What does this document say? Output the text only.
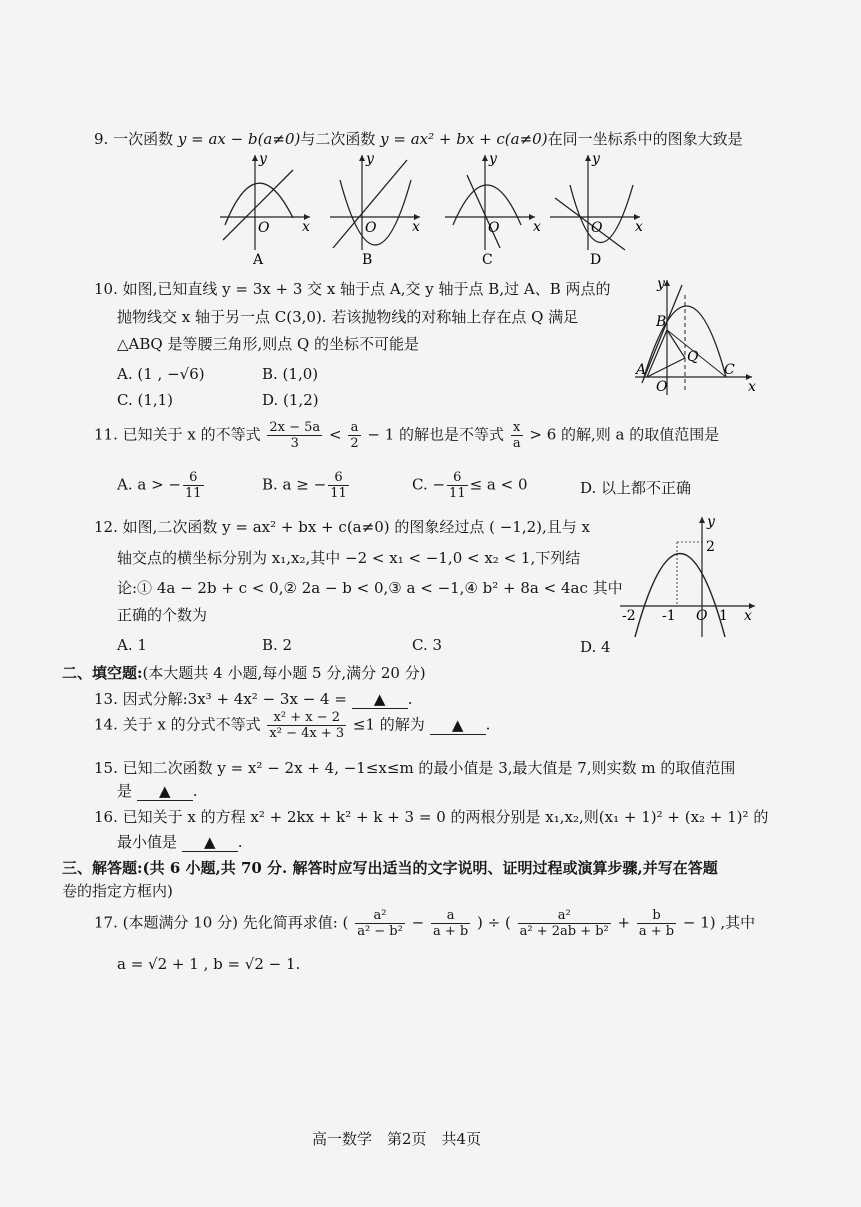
9. 一次函数 y = ax − b(a≠0)与二次函数 y = ax² + bx + c(a≠0)在同一坐标系中的图象大致是
y
x
O
A
y
x
O
B
y
x
O
C
y
x
O
D
10. 如图,已知直线 y = 3x + 3 交 x 轴于点 A,交 y 轴于点 B,过 A、B 两点的
抛物线交 x 轴于另一点 C(3,0). 若该抛物线的对称轴上存在点 Q 满足
△ABQ 是等腰三角形,则点 Q 的坐标不可能是
A. (1 , −√6)	B. (1,0)
C. (1,1)	D. (1,2)
y
x
B
Q
A
O
C
11. 已知关于 x 的不等式 $\frac{2x - 5a}{3} < \frac{a}{2} - 1$ 的解也是不等式 $\frac{x}{a} > 6$ 的解,则 a 的取值范围是
A. a > − $\frac{6}{11}$	B. a ≥ − $\frac{6}{11}$	C. − $\frac{6}{11} \le a < 0$	D. 以上都不正确
12. 如图,二次函数 y = ax² + bx + c(a≠0) 的图象经过点 ( −1,2),且与 x
轴交点的横坐标分别为 x₁,x₂,其中 −2 < x₁ < −1,0 < x₂ < 1,下列结
论:① 4a − 2b + c < 0,② 2a − b < 0,③ a < −1,④ b² + 8a < 4ac 其中
正确的个数为
A. 1	B. 2	C. 3	D. 4
y
2
-2 -1 O 1 x
二、填空题:(本大题共 4 小题,每小题 5 分,满分 20 分)
13. 因式分解:3x³ + 4x² − 3x − 4 = ▲ .
14. 关于 x 的分式不等式 $\frac{\text{x² + x − 2}}{\text{x² − 4x + 3}} \le 1$ 的解为 ▲ .
15. 已知二次函数 y = x² − 2x + 4, −1≤x≤m 的最小值是 3,最大值是 7,则实数 m 的取值范围
是 ▲ .
16. 已知关于 x 的方程 x² + 2kx + k² + k + 3 = 0 的两根分别是 x₁,x₂,则(x₁ + 1)² + (x₂ + 1)² 的
最小值是 ▲ .
三、解答题:(共 6 小题,共 70 分. 解答时应写出适当的文字说明、证明过程或演算步骤,并写在答题
卷的指定方框内)
17. (本题满分 10 分) 先化简再求值: ( $\frac{\text{a²}}{\text{a² − b²}} - \frac{a}{a + b}$ ) ÷ ( $\frac{\text{a²}}{\text{a² + 2ab + b²}} + \frac{b}{a + b} - 1$) ,其中
a = √2 + 1 , b = √2 − 1.
高一数学　第2页　共4页
